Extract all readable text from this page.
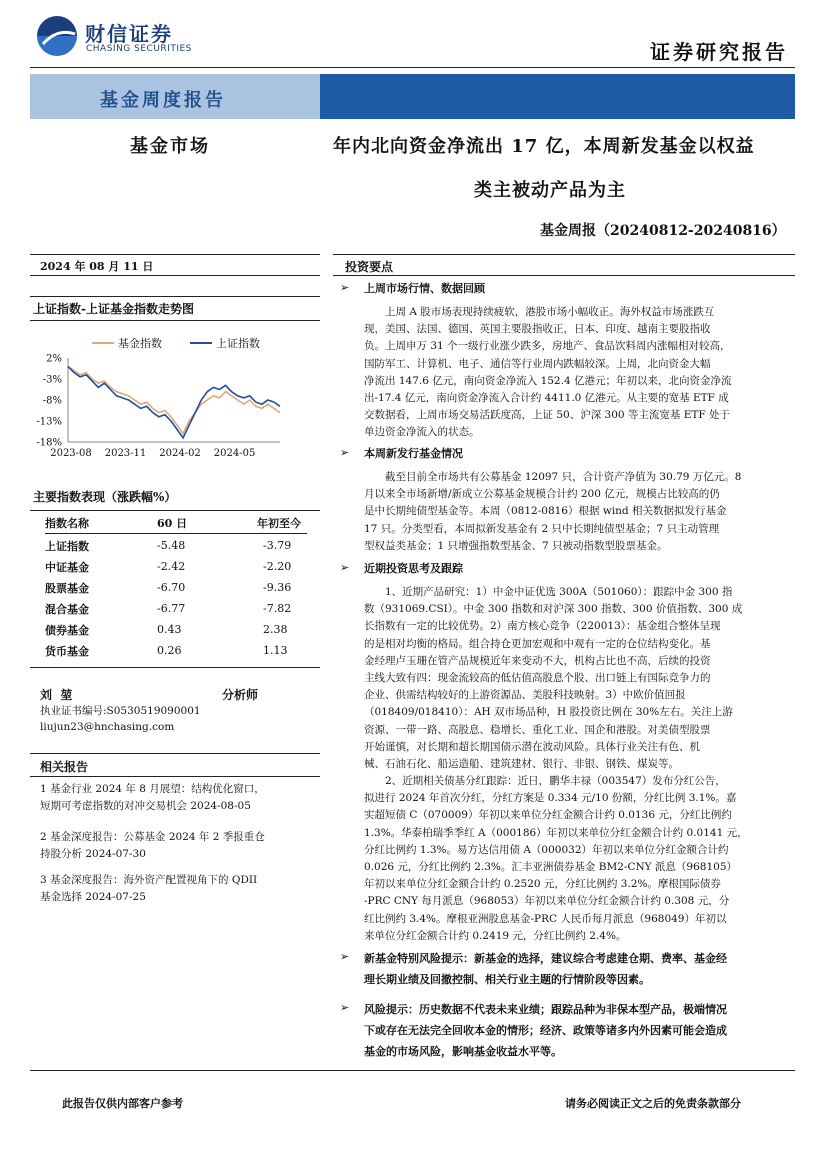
财信证券
CHASING SECURITIES	证券研究报告
基金周度报告
基金市场	年内北向资金净流出 17 亿，本周新发基金以权益
类主被动产品为主
基金周报（20240812-20240816）
2024 年 08 月 11 日
上证指数-上证基金指数走势图
2%
-3%
-8%
-13%
-18%
2023-08 2023-11 2024-02 2024-05
基金指数	上证指数
主要指数表现（涨跌幅%）
指数名称	60 日	年初至今

上证指数	-5.48	-3.79
中证基金	-2.42	-2.20
股票基金	-6.70	-9.36
混合基金	-6.77	-7.82
债券基金	0.43	2.38
货币基金	0.26	1.13
刘  堃	分析师
执业证书编号:S0530519090001
liujun23@hnchasing.com
相关报告
1 基金行业 2024 年 8 月展望：结构优化窗口，
短期可考虑指数的对冲交易机会 2024-08-05
2 基金深度报告：公募基金 2024 年 2 季报重仓
持股分析 2024-07-30
3 基金深度报告：海外资产配置视角下的 QDII
基金选择 2024-07-25
投资要点
➢ 上周市场行情、数据回顾
上周 A 股市场表现持续疲软，港股市场小幅收正。海外权益市场涨跌互
现，美国、法国、德国、英国主要股指收正，日本、印度、越南主要股指收
负。上周申万 31 个一级行业涨少跌多，房地产、食品饮料周内涨幅相对较高，
国防军工、计算机、电子、通信等行业周内跌幅较深。上周，北向资金大幅
净流出 147.6 亿元，南向资金净流入 152.4 亿港元；年初以来，北向资金净流
出-17.4 亿元，南向资金净流入合计约 4411.0 亿港元。从主要的宽基 ETF 成
交数据看，上周市场交易活跃度高，上证 50、沪深 300 等主流宽基 ETF 处于
单边资金净流入的状态。
➢ 本周新发行基金情况
截至目前全市场共有公募基金 12097 只，合计资产净值为 30.79 万亿元。8
月以来全市场新增/新成立公募基金规模合计约 200 亿元，规模占比较高的仍
是中长期纯债型基金等。本周（0812-0816）根据 wind 相关数据拟发行基金
17 只。分类型看，本周拟新发基金有 2 只中长期纯债型基金；7 只主动管理
型权益类基金；1 只增强指数型基金、7 只被动指数型股票基金。
➢ 近期投资思考及跟踪
1、近期产品研究：1）中金中证优选 300A（501060）：跟踪中金 300 指
数（931069.CSI）。中金 300 指数和对沪深 300 指数、300 价值指数、300 成
长指数有一定的比较优势。2）南方核心竞争（220013）：基金组合整体呈现
的是相对均衡的格局。组合持仓更加宏观和中观有一定的仓位结构变化。基
金经理卢玉珊在管产品规模近年来变动不大，机构占比也不高，后续的投资
主线大致有四：现金流较高的低估值高股息个股、出口链上有国际竞争力的
企业、供需结构较好的上游资源品、美股科技映射。3）中欧价值回报
（018409/018410）：AH 双市场品种，H 股投资比例在 30%左右。关注上游
资源、一带一路、高股息、稳增长、重化工业、国企和港股。对美债型股票
开始谨慎，对长期和超长期国债示潜在波动风险。具体行业关注有色、机
械、石油石化、船运造船、建筑建材、银行、非银、钢铁、煤炭等。
2、近期相关债基分红跟踪：近日，鹏华丰禄（003547）发布分红公告，
拟进行 2024 年首次分红，分红方案是 0.334 元/10 份额，分红比例 3.1%。嘉
实超短债 C（070009）年初以来单位分红金额合计约 0.0136 元，分红比例约
1.3%。华泰柏瑞季季红 A（000186）年初以来单位分红金额合计约 0.0141 元，
分红比例约 1.3%。易方达信用债 A（000032）年初以来单位分红金额合计约
0.026 元，分红比例约 2.3%。汇丰亚洲债券基金 BM2-CNY 派息（968105）
年初以来单位分红金额合计约 0.2520 元，分红比例约 3.2%。摩根国际债券
-PRC CNY 每月派息（968053）年初以来单位分红金额合计约 0.308 元，分
红比例约 3.4%。摩根亚洲股息基金-PRC 人民币每月派息（968049）年初以
来单位分红金额合计约 0.2419 元，分红比例约 2.4%。
➢ 新基金特别风险提示：新基金的选择，建议综合考虑建仓期、费率、基金经
理长期业绩及回撤控制、相关行业主题的行情阶段等因素。
➢ 风险提示：历史数据不代表未来业绩；跟踪品种为非保本型产品，极端情况
下或存在无法完全回收本金的情形；经济、政策等诸多内外因素可能会造成
基金的市场风险，影响基金收益水平等。
此报告仅供内部客户参考	请务必阅读正文之后的免责条款部分
